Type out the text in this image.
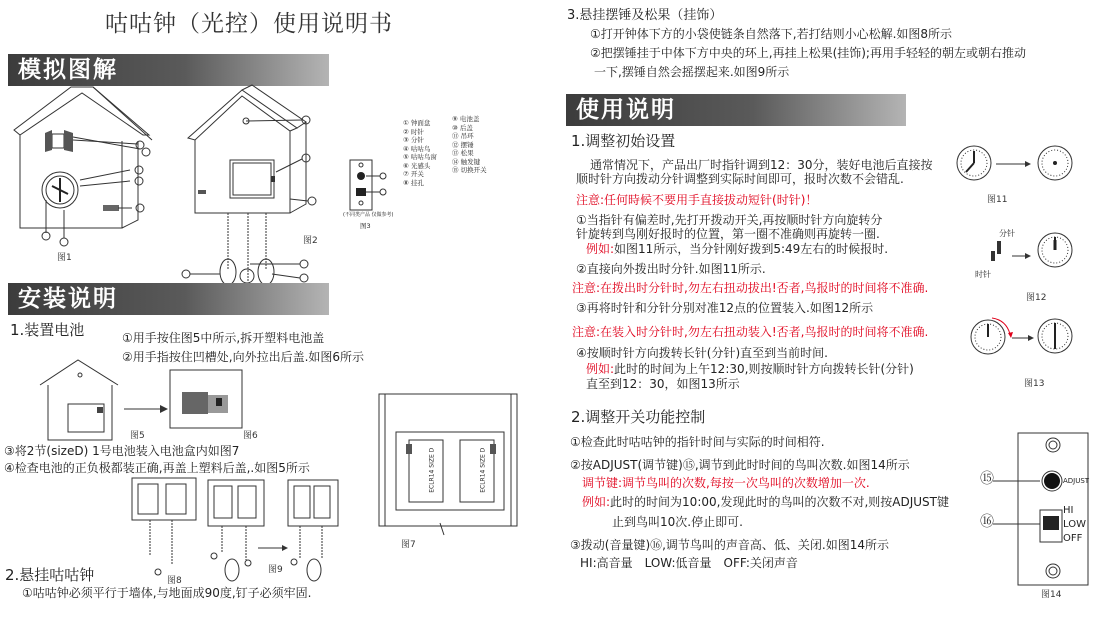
咕咕钟（光控）使用说明书
模拟图解
图1
图2
(不同类产品 仅做参考)
图3
① 钟面盘
② 时针
③ 分针
④ 咕咕鸟
⑤ 咕咕鸟窗
⑥ 光感头
⑦ 开关
⑧ 挂孔
⑨ 电池盖
⑩ 后盖
⑪ 吊环
⑫ 摆锤
⑬ 松果
⑭ 触发键
⑮ 切换开关
安装说明
1.装置电池	①用手按住图5中所示,拆开塑料电池盖
②用手指按住凹槽处,向外拉出后盖.如图6所示
图5	图6
③将2节(sizeD) 1号电池装入电池盒内如图7
④检查电池的正负极都装正确,再盖上塑料后盖,.如图5所示
图8
图9
ECLR14 SIZE D	ECLR14 SIZE D
图7
2.悬挂咕咕钟
①咕咕钟必须平行于墙体,与地面成90度,钉子必须牢固.
3.悬挂摆锤及松果（挂饰）
①打开钟体下方的小袋使链条自然落下,若打结则小心松解.如图8所示
②把摆锤挂于中体下方中央的环上,再挂上松果(挂饰);再用手轻轻的朝左或朝右推动
一下,摆锤自然会摇摆起来.如图9所示
使用说明
1.调整初始设置
通常情况下，产品出厂时指针调到12：30分，装好电池后直接按
顺时针方向拨动分针调整到实际时间即可，报时次数不会错乱.
注意:任何時候不要用手直接拔动短针(时针)！
①当指针有偏差时,先打开拨动开关,再按顺时针方向旋转分
针旋转到鸟刚好报时的位置，第一圈不准确则再旋转一圈.
例如:如图11所示，当分针刚好拨到5:49左右的时候报时.
②直接向外拨出时分针.如图11所示.
注意:在拨出时分针时,勿左右扭动拔出!否者,鸟报时的时间将不准确.
③再将时针和分针分别对准12点的位置装入.如图12所示
注意:在装入时分针时,勿左右扭动装入!否者,鸟报时的时间将不准确.
④按顺时针方向拨转长针(分针)直至到当前时间.
例如:此时的时间为上午12:30,则按顺时针方向拨转长针(分针)
直至到12：30，如图13所示
图11
分针
时针
图12
图13
2.调整开关功能控制
①检查此时咕咕钟的指针时间与实际的时间相符.
②按ADJUST(调节键)⑮,调节到此时时间的鸟叫次数.如图14所示
调节键:调节鸟叫的次数,每按一次鸟叫的次数增加一次.
例如:此时的时间为10:00,发现此时的鸟叫的次数不对,则按ADJUST键
止到鸟叫10次.停止即可.
③拨动(音量键)⑯,调节鸟叫的声音高、低、关闭.如图14所示
HI:高音量　LOW:低音量　OFF:关闭声音
⑮
⑯
ADJUST
HI
LOW
OFF
图14
